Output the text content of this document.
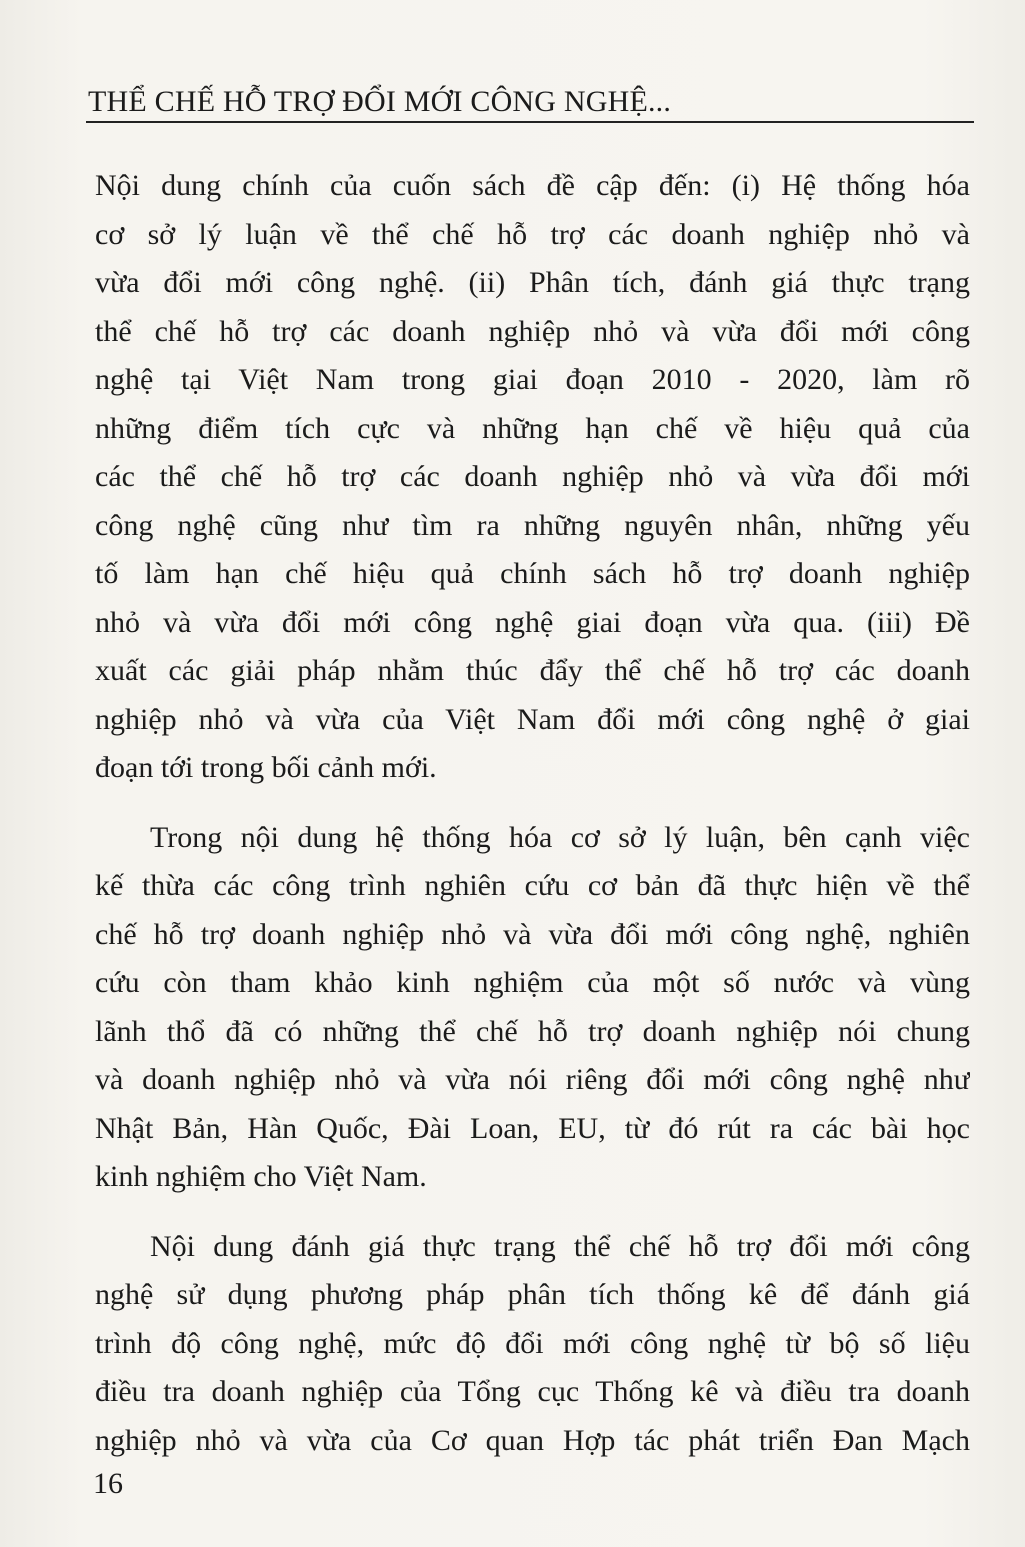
THỂ CHẾ HỖ TRỢ ĐỔI MỚI CÔNG NGHỆ...
Nội dung chính của cuốn sách đề cập đến: (i) Hệ thống hóa
cơ sở lý luận về thể chế hỗ trợ các doanh nghiệp nhỏ và
vừa đổi mới công nghệ. (ii) Phân tích, đánh giá thực trạng
thể chế hỗ trợ các doanh nghiệp nhỏ và vừa đổi mới công
nghệ tại Việt Nam trong giai đoạn 2010 - 2020, làm rõ
những điểm tích cực và những hạn chế về hiệu quả của
các thể chế hỗ trợ các doanh nghiệp nhỏ và vừa đổi mới
công nghệ cũng như tìm ra những nguyên nhân, những yếu
tố làm hạn chế hiệu quả chính sách hỗ trợ doanh nghiệp
nhỏ và vừa đổi mới công nghệ giai đoạn vừa qua. (iii) Đề
xuất các giải pháp nhằm thúc đẩy thể chế hỗ trợ các doanh
nghiệp nhỏ và vừa của Việt Nam đổi mới công nghệ ở giai
đoạn tới trong bối cảnh mới.
Trong nội dung hệ thống hóa cơ sở lý luận, bên cạnh việc
kế thừa các công trình nghiên cứu cơ bản đã thực hiện về thể
chế hỗ trợ doanh nghiệp nhỏ và vừa đổi mới công nghệ, nghiên
cứu còn tham khảo kinh nghiệm của một số nước và vùng
lãnh thổ đã có những thể chế hỗ trợ doanh nghiệp nói chung
và doanh nghiệp nhỏ và vừa nói riêng đổi mới công nghệ như
Nhật Bản, Hàn Quốc, Đài Loan, EU, từ đó rút ra các bài học
kinh nghiệm cho Việt Nam.
Nội dung đánh giá thực trạng thể chế hỗ trợ đổi mới công
nghệ sử dụng phương pháp phân tích thống kê để đánh giá
trình độ công nghệ, mức độ đổi mới công nghệ từ bộ số liệu
điều tra doanh nghiệp của Tổng cục Thống kê và điều tra doanh
nghiệp nhỏ và vừa của Cơ quan Hợp tác phát triển Đan Mạch
16
